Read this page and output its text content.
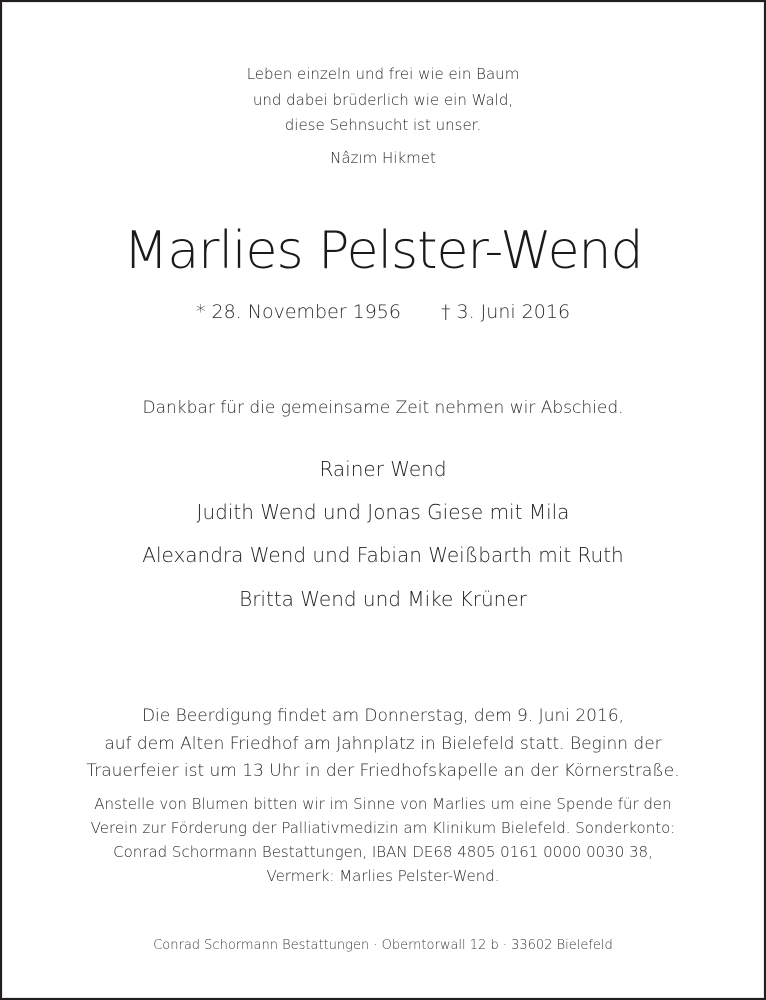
Leben einzeln und frei wie ein Baum
und dabei brüderlich wie ein Wald,
diese Sehnsucht ist unser.
Nâzım Hikmet
Marlies Pelster-Wend
* 28. November 1956 † 3. Juni 2016
Dankbar für die gemeinsame Zeit nehmen wir Abschied.
Rainer Wend
Judith Wend und Jonas Giese mit Mila
Alexandra Wend und Fabian Weißbarth mit Ruth
Britta Wend und Mike Krüner
Die Beerdigung findet am Donnerstag, dem 9. Juni 2016,
auf dem Alten Friedhof am Jahnplatz in Bielefeld statt. Beginn der
Trauerfeier ist um 13 Uhr in der Friedhofskapelle an der Körnerstraße.
Anstelle von Blumen bitten wir im Sinne von Marlies um eine Spende für den
Verein zur Förderung der Palliativmedizin am Klinikum Bielefeld. Sonderkonto:
Conrad Schormann Bestattungen, IBAN DE68 4805 0161 0000 0030 38,
Vermerk: Marlies Pelster-Wend.
Conrad Schormann Bestattungen · Oberntorwall 12 b · 33602 Bielefeld
